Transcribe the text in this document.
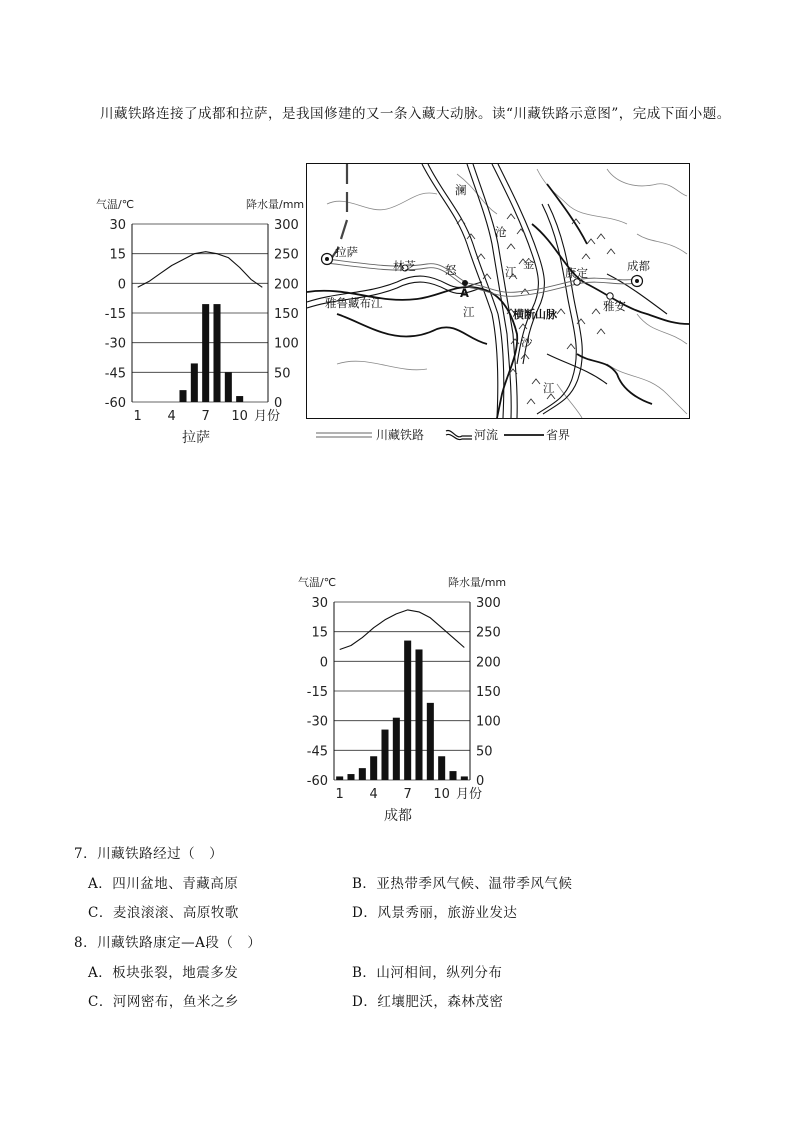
川藏铁路连接了成都和拉萨，是我国修建的又一条入藏大动脉。读“川藏铁路示意图”，完成下面小题。
气温/℃	降水量/mm
30
15
0
-15
-30
-45
-60
300
250
200
150
100
50
0
1 4 7 10 月份
拉萨
拉萨
林芝	成都
康定
雅安
雅鲁藏布江
横断山脉
A
澜
沧
江
怒
江
金
沙
江
川藏铁路	河流	省界
气温/℃	降水量/mm
30
15
0
-15
-30
-45
-60
300
250
200
150
100
50
0
1 4 7 10 月份
成都
7．川藏铁路经过（　）
A．四川盆地、青藏高原	B．亚热带季风气候、温带季风气候
C．麦浪滚滚、高原牧歌	D．风景秀丽，旅游业发达
8．川藏铁路康定—A段（　）
A．板块张裂，地震多发	B．山河相间，纵列分布
C．河网密布，鱼米之乡	D．红壤肥沃，森林茂密
